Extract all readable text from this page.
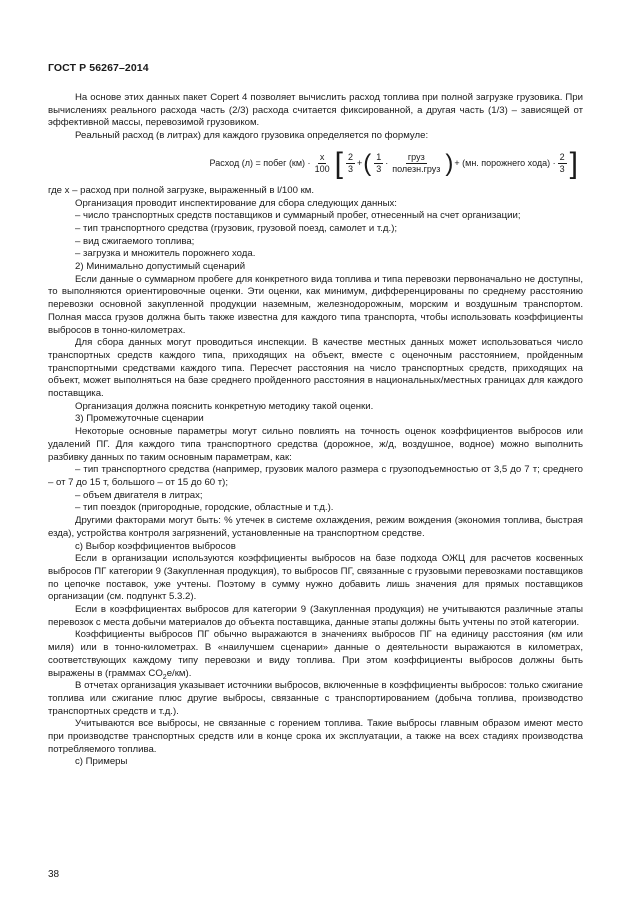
ГОСТ Р 56267–2014

На основе этих данных пакет Copert 4 позволяет вычислить расход топлива при полной загрузке грузовика. При вычислениях реального расхода часть (2/3) расхода считается фиксированной, а другая часть (1/3) – зависящей от эффективной массы, перевозимой грузовиком.

Реальный расход (в литрах) для каждого грузовика определяется по формуле:

Расход (л) = побег $(км) \cdot \frac{x}{100}$ [ $\frac{2}{3}$ + ( $\frac{1}{3} \cdot \frac{\text{груз}}{\text{полезн.груз}}$ ) + (мн. порожнего хода) · $\frac{2}{3}$ ]

где x – расход при полной загрузке, выраженный в l/100 км.

Организация проводит инспектирование для сбора следующих данных:

– число транспортных средств поставщиков и суммарный пробег, отнесенный на счет организации;

– тип транспортного средства (грузовик, грузовой поезд, самолет и т.д.);

– вид сжигаемого топлива;

– загрузка и множитель порожнего хода.

2) Минимально допустимый сценарий

Если данные о суммарном пробеге для конкретного вида топлива и типа перевозки первоначально не доступны, то выполняются ориентировочные оценки. Эти оценки, как минимум, дифференцированы по среднему расстоянию перевозки основной закупленной продукции наземным, железнодорожным, морским и воздушным транспортом. Полная масса грузов должна быть также известна для каждого типа транспорта, чтобы использовать коэффициенты выбросов в тонно-километрах.

Для сбора данных могут проводиться инспекции. В качестве местных данных может использоваться число транспортных средств каждого типа, приходящих на объект, вместе с оценочным расстоянием, пройденным транспортными средствами каждого типа. Пересчет расстояния на число транспортных средств, приходящих на объект, может выполняться на базе среднего пройденного расстояния в национальных/местных границах для каждого поставщика.

Организация должна пояснить конкретную методику такой оценки.

3) Промежуточные сценарии

Некоторые основные параметры могут сильно повлиять на точность оценок коэффициентов выбросов или удалений ПГ. Для каждого типа транспортного средства (дорожное, ж/д, воздушное, водное) можно выполнить разбивку данных по таким основным параметрам, как:

– тип транспортного средства (например, грузовик малого размера с грузоподъемностью от 3,5 до 7 т; среднего – от 7 до 15 т, большого – от 15 до 60 т);

– объем двигателя в литрах;

– тип поездок (пригородные, городские, областные и т.д.).

Другими факторами могут быть: % утечек в системе охлаждения, режим вождения (экономия топлива, быстрая езда), устройства контроля загрязнений, установленные на транспортном средстве.

с) Выбор коэффициентов выбросов

Если в организации используются коэффициенты выбросов на базе подхода ОЖЦ для расчетов косвенных выбросов ПГ категории 9 (Закупленная продукция), то выбросов ПГ, связанные с грузовыми перевозками поставщиков по цепочке поставок, уже учтены. Поэтому в сумму нужно добавить лишь значения для прямых поставщиков организации (см. подпункт 5.3.2).

Если в коэффициентах выбросов для категории 9 (Закупленная продукция) не учитываются различные этапы перевозок с места добычи материалов до объекта поставщика, данные этапы должны быть учтены по этой категории.

Коэффициенты выбросов ПГ обычно выражаются в значениях выбросов ПГ на единицу расстояния (км или миля) или в тонно-километрах. В «наилучшем сценарии» данные о деятельности выражаются в километрах, соответствующих каждому типу перевозки и виду топлива. При этом коэффициенты выбросов должны быть выражены в (граммах $CO_2e/км$).

В отчетах организация указывает источники выбросов, включенные в коэффициенты выбросов: только сжигание топлива или сжигание плюс другие выбросы, связанные с транспортированием (добыча топлива, производство транспортных средств и т.д.).

Учитываются все выбросы, не связанные с горением топлива. Такие выбросы главным образом имеют место при производстве транспортных средств или в конце срока их эксплуатации, а также на всех стадиях производства потребляемого топлива.

с) Примеры

38
